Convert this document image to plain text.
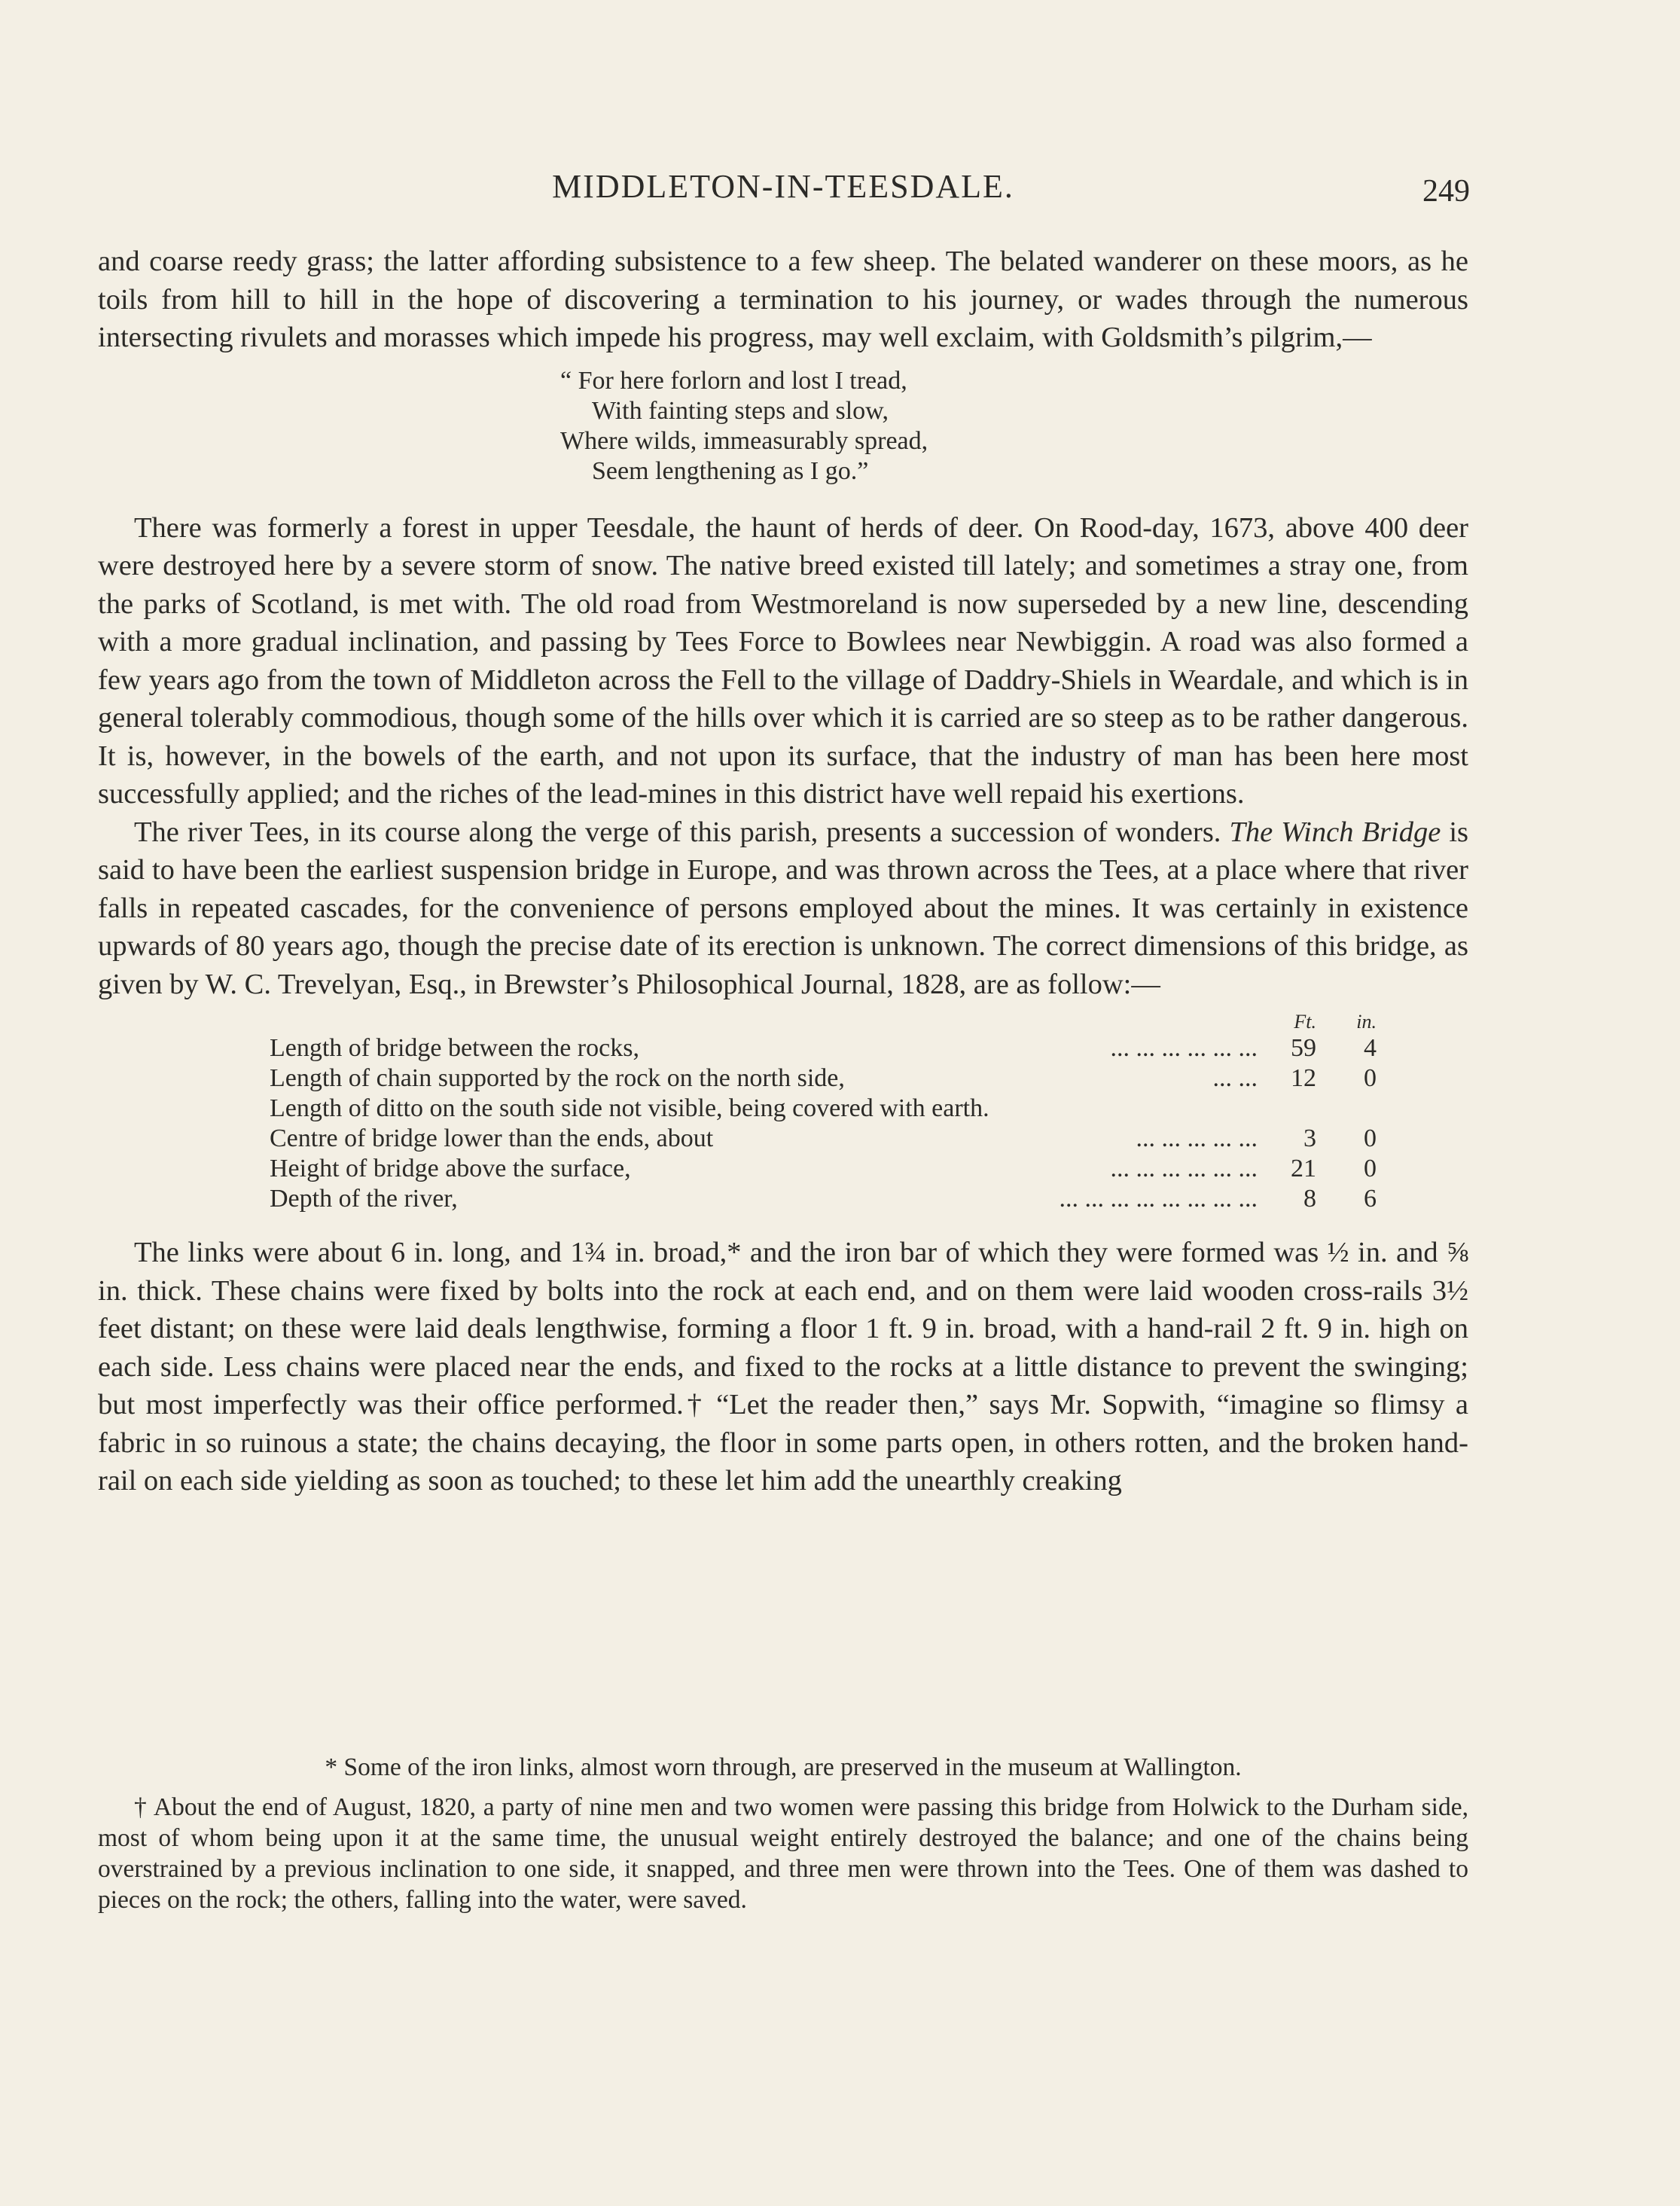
MIDDLETON-IN-TEESDALE.	249

and coarse reedy grass; the latter affording subsistence to a few sheep. The belated wanderer on these moors, as he toils from hill to hill in the hope of discovering a termination to his journey, or wades through the numerous intersecting rivulets and morasses which impede his progress, may well exclaim, with Goldsmith’s pilgrim,—

“ For here forlorn and lost I tread,
With fainting steps and slow,
Where wilds, immeasurably spread,
Seem lengthening as I go.”

There was formerly a forest in upper Teesdale, the haunt of herds of deer. On Rood-day, 1673, above 400 deer were destroyed here by a severe storm of snow. The native breed existed till lately; and sometimes a stray one, from the parks of Scotland, is met with. The old road from Westmoreland is now superseded by a new line, descending with a more gradual inclination, and passing by Tees Force to Bowlees near Newbiggin. A road was also formed a few years ago from the town of Middleton across the Fell to the village of Daddry-Shiels in Weardale, and which is in general tolerably commodious, though some of the hills over which it is carried are so steep as to be rather dangerous. It is, however, in the bowels of the earth, and not upon its surface, that the industry of man has been here most successfully applied; and the riches of the lead-mines in this district have well repaid his exertions.

The river Tees, in its course along the verge of this parish, presents a succession of wonders. The Winch Bridge is said to have been the earliest suspension bridge in Europe, and was thrown across the Tees, at a place where that river falls in repeated cascades, for the convenience of persons employed about the mines. It was certainly in existence upwards of 80 years ago, though the precise date of its erection is unknown. The correct dimensions of this bridge, as given by W. C. Trevelyan, Esq., in Brewster’s Philosophical Journal, 1828, are as follow:—

		Ft.	in.
Length of bridge between the rocks,	... ... ... ... ... ...	59	4
Length of chain supported by the rock on the north side,	... ...	12	0
Length of ditto on the south side not visible, being covered with earth.			
Centre of bridge lower than the ends, about	... ... ... ... ...	3	0
Height of bridge above the surface,	... ... ... ... ... ...	21	0
Depth of the river,	... ... ... ... ... ... ... ...	8	6

The links were about 6 in. long, and 1¾ in. broad,* and the iron bar of which they were formed was ½ in. and ⅝ in. thick. These chains were fixed by bolts into the rock at each end, and on them were laid wooden cross-rails 3½ feet distant; on these were laid deals lengthwise, forming a floor 1 ft. 9 in. broad, with a hand-rail 2 ft. 9 in. high on each side. Less chains were placed near the ends, and fixed to the rocks at a little distance to prevent the swinging; but most imperfectly was their office performed.† “Let the reader then,” says Mr. Sopwith, “imagine so flimsy a fabric in so ruinous a state; the chains decaying, the floor in some parts open, in others rotten, and the broken hand-rail on each side yielding as soon as touched; to these let him add the unearthly creaking

* Some of the iron links, almost worn through, are preserved in the museum at Wallington.

† About the end of August, 1820, a party of nine men and two women were passing this bridge from Holwick to the Durham side, most of whom being upon it at the same time, the unusual weight entirely destroyed the balance; and one of the chains being overstrained by a previous inclination to one side, it snapped, and three men were thrown into the Tees. One of them was dashed to pieces on the rock; the others, falling into the water, were saved.
